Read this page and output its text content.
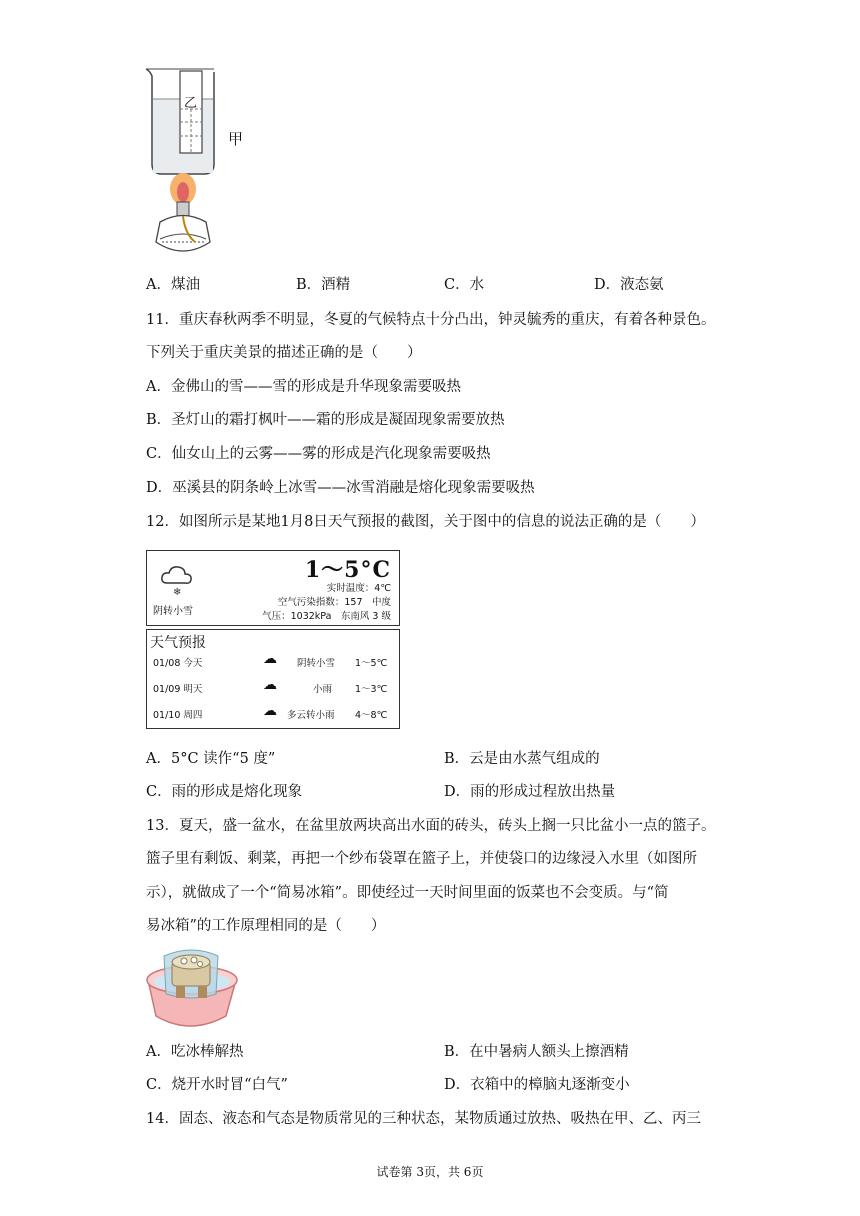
乙
甲
A．煤油	B．酒精	C．水	D．液态氨
11．重庆春秋两季不明显，冬夏的气候特点十分凸出，钟灵毓秀的重庆，有着各种景色。
下列关于重庆美景的描述正确的是（　　）
A．金佛山的雪——雪的形成是升华现象需要吸热
B．圣灯山的霜打枫叶——霜的形成是凝固现象需要放热
C．仙女山上的云雾——雾的形成是汽化现象需要吸热
D．巫溪县的阴条岭上冰雪——冰雪消融是熔化现象需要吸热
12．如图所示是某地1月8日天气预报的截图，关于图中的信息的说法正确的是（　　）
❄
阴转小雪
1～5°C
实时温度：4℃
空气污染指数：157　中度
气压：1032kPa　东南风 3 级
天气预报
01/08 今天	☁ 阴转小雪 1～5℃
01/09 明天	☁	小雨 1～3℃
01/10 周四	☁ 多云转小雨 4～8℃
A．5°C 读作“5 度”	B．云是由水蒸气组成的
C．雨的形成是熔化现象	D．雨的形成过程放出热量
13．夏天，盛一盆水，在盆里放两块高出水面的砖头，砖头上搁一只比盆小一点的篮子。
篮子里有剩饭、剩菜，再把一个纱布袋罩在篮子上，并使袋口的边缘浸入水里（如图所
示），就做成了一个“简易冰箱”。即使经过一天时间里面的饭菜也不会变质。与“简
易冰箱”的工作原理相同的是（　　）
A．吃冰棒解热	B．在中暑病人额头上擦酒精
C．烧开水时冒“白气”	D．衣箱中的樟脑丸逐渐变小
14．固态、液态和气态是物质常见的三种状态，某物质通过放热、吸热在甲、乙、丙三
试卷第 3页，共 6页
